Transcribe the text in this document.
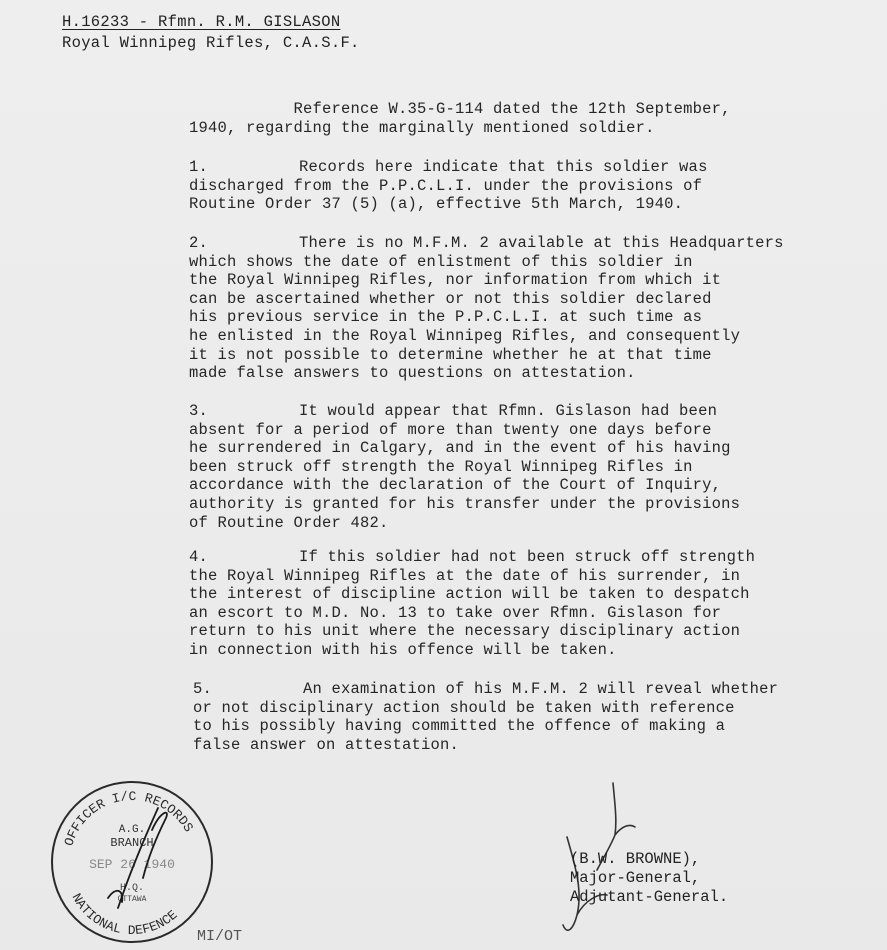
H.16233 - Rfmn. R.M. GISLASON
Royal Winnipeg Rifles, C.A.S.F.
Reference W.35-G-114 dated the 12th September,
1940, regarding the marginally mentioned soldier.
1.	Records here indicate that this soldier was
discharged from the P.P.C.L.I. under the provisions of
Routine Order 37 (5) (a), effective 5th March, 1940.
2.	There is no M.F.M. 2 available at this Headquarters
which shows the date of enlistment of this soldier in
the Royal Winnipeg Rifles, nor information from which it
can be ascertained whether or not this soldier declared
his previous service in the P.P.C.L.I. at such time as
he enlisted in the Royal Winnipeg Rifles, and consequently
it is not possible to determine whether he at that time
made false answers to questions on attestation.
3.	It would appear that Rfmn. Gislason had been
absent for a period of more than twenty one days before
he surrendered in Calgary, and in the event of his having
been struck off strength the Royal Winnipeg Rifles in
accordance with the declaration of the Court of Inquiry,
authority is granted for his transfer under the provisions
of Routine Order 482.
4.	If this soldier had not been struck off strength
the Royal Winnipeg Rifles at the date of his surrender, in
the interest of discipline action will be taken to despatch
an escort to M.D. No. 13 to take over Rfmn. Gislason for
return to his unit where the necessary disciplinary action
in connection with his offence will be taken.
5.	An examination of his M.F.M. 2 will reveal whether
or not disciplinary action should be taken with reference
to his possibly having committed the offence of making a
false answer on attestation.
(B.W. BROWNE),
Major-General,
Adjutant-General.
OFFICER I/C RECORDS
NATIONAL DEFENCE
A.G.
BRANCH
SEP 26 1940
H.Q.
OTTAWA
MI/OT
